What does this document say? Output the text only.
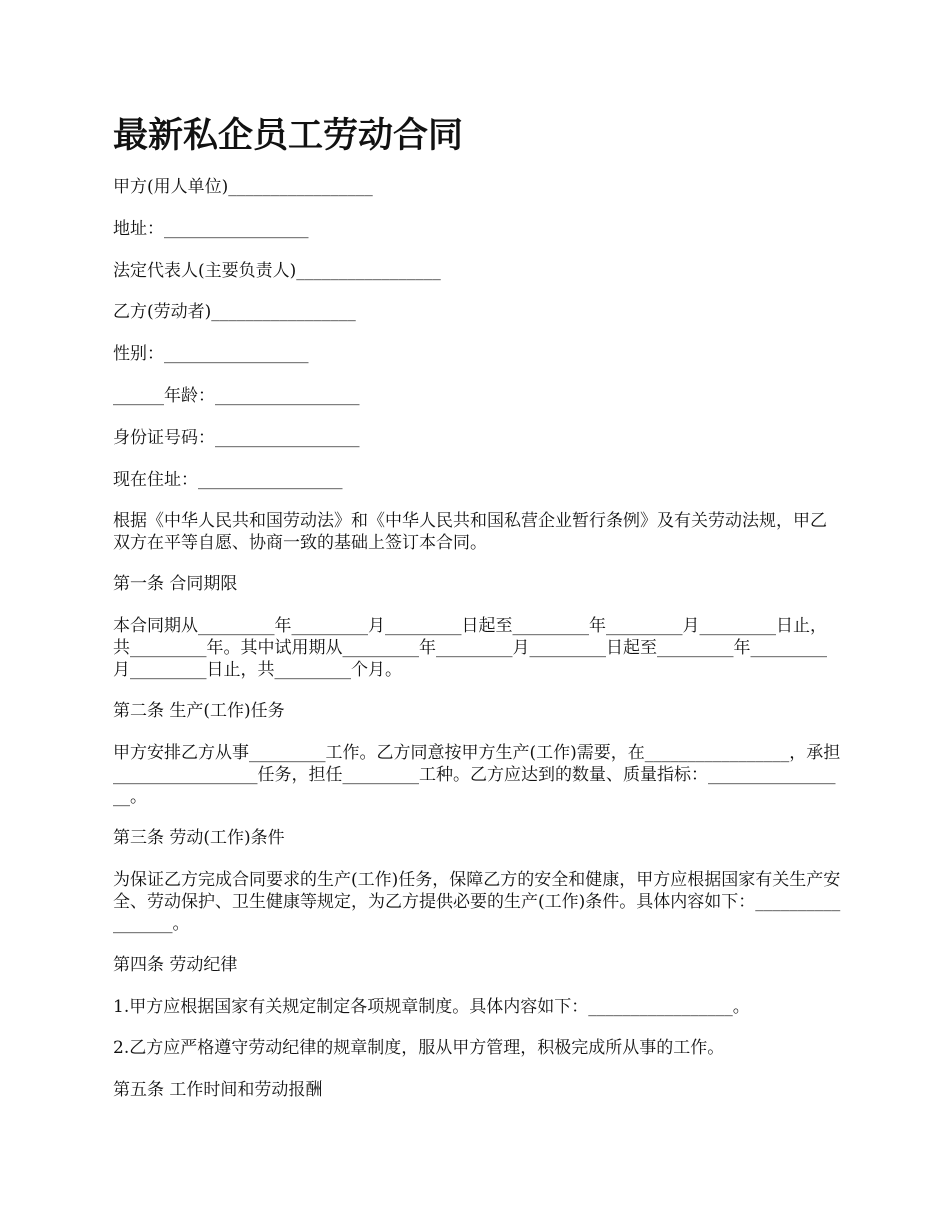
最新私企员工劳动合同

甲方(用人单位)_________________

地址：_________________

法定代表人(主要负责人)_________________

乙方(劳动者)_________________

性别：_________________

______年龄：_________________

身份证号码：_________________

现在住址：_________________

根据《中华人民共和国劳动法》和《中华人民共和国私营企业暂行条例》及有关劳动法规，甲乙双方在平等自愿、协商一致的基础上签订本合同。

第一条 合同期限

本合同期从_________年_________月_________日起至_________年_________月_________日止，共_________年。其中试用期从_________年_________月_________日起至_________年_________月_________日止，共_________个月。

第二条 生产(工作)任务

甲方安排乙方从事_________工作。乙方同意按甲方生产(工作)需要，在_________________，承担_________________任务，担任_________工种。乙方应达到的数量、质量指标：_________________。

第三条 劳动(工作)条件

为保证乙方完成合同要求的生产(工作)任务，保障乙方的安全和健康，甲方应根据国家有关生产安全、劳动保护、卫生健康等规定，为乙方提供必要的生产(工作)条件。具体内容如下：_________________。

第四条 劳动纪律

1.甲方应根据国家有关规定制定各项规章制度。具体内容如下：_________________。

2.乙方应严格遵守劳动纪律的规章制度，服从甲方管理，积极完成所从事的工作。

第五条 工作时间和劳动报酬
